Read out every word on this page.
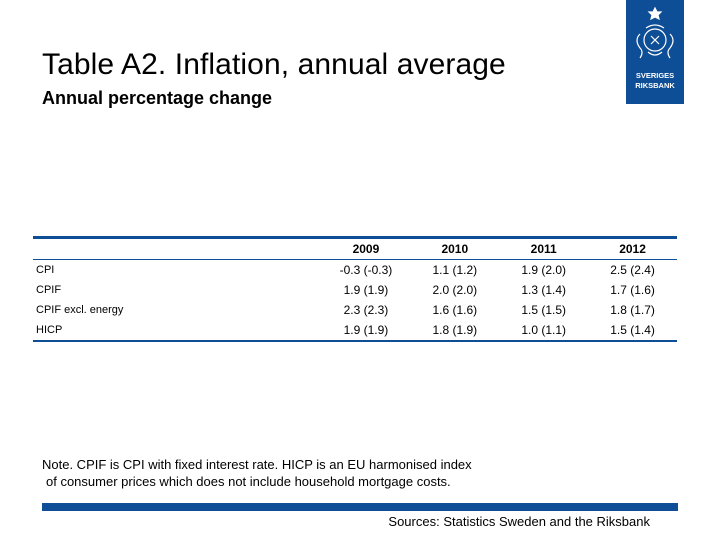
Table A2. Inflation, annual average
Annual percentage change
SVERIGES
RIKSBANK
	2009	2010	2011	2012
CPI	-0.3 (-0.3)	1.1 (1.2)	1.9 (2.0)	2.5 (2.4)
CPIF	1.9 (1.9)	2.0 (2.0)	1.3 (1.4)	1.7 (1.6)
CPIF excl. energy	2.3 (2.3)	1.6 (1.6)	1.5 (1.5)	1.8 (1.7)
HICP	1.9 (1.9)	1.8 (1.9)	1.0 (1.1)	1.5 (1.4)
Note. CPIF is CPI with fixed interest rate. HICP is an EU harmonised index

of consumer prices which does not include household mortgage costs.
Sources: Statistics Sweden and the Riksbank
